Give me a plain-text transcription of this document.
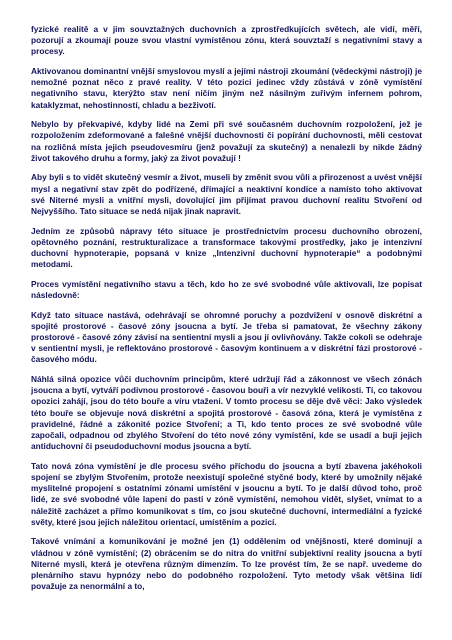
fyzické realitě a v jim souvztažných duchovních a zprostředkujících světech, ale vidí, měří, pozorují a zkoumají pouze svou vlastní vymístěnou zónu, která souvztaží s negativními stavy a procesy.

Aktivovanou dominantní vnější smyslovou myslí a jejími nástroji zkoumání (vědeckými nástroji) je nemožné poznat něco z pravé reality. V této pozici jedinec vždy zůstává v zóně vymístění negativního stavu, kterýžto stav není ničím jiným než násilným zuřivým infernem pohrom, kataklyzmat, nehostinností, chladu a bezživotí.

Nebylo by překvapivé, kdyby lidé na Zemi při své současném duchovním rozpoložení, jež je rozpoložením zdeformované a falešné vnější duchovnosti či popírání duchovnosti, měli cestovat na rozličná místa jejich pseudovesmíru (jenž považují za skutečný) a nenalezli by nikde žádný život takového druhu a formy, jaký za život považují !

Aby byli s to vidět skutečný vesmír a život, museli by změnit svou vůli a přirozenost a uvést vnější mysl a negativní stav zpět do podřízené, dřímající a neaktivní kondice a namísto toho aktivovat své Niterné mysli a vnitřní mysli, dovolující jim přijímat pravou duchovní realitu Stvoření od Nejvyššího. Tato situace se nedá nijak jinak napravit.

Jedním ze způsobů nápravy této situace je prostřednictvím procesu duchovního obrození, opětovného poznání, restrukturalizace a transformace takovými prostředky, jako je intenzivní duchovní hypnoterapie, popsaná v knize „Intenzivní duchovní hypnoterapie“ a podobnými metodami.

Proces vymístění negativního stavu a těch, kdo ho ze své svobodné vůle aktivovali, lze popisat následovně:

Když tato situace nastává, odehrávají se ohromné poruchy a pozdvižení v osnově diskrétní a spojité prostorové - časové zóny jsoucna a bytí. Je třeba si pamatovat, že všechny zákony prostorové - časové zóny závisí na sentientní mysli a jsou jí ovlivňovány. Takže cokoli se odehraje v sentientní mysli, je reflektováno prostorové - časovým kontinuem a v diskrétní fázi prostorové - časového módu.

Náhlá silná opozice vůči duchovním principům, které udržují řád a zákonnost ve všech zónách jsoucna a bytí, vytváří podivnou prostorové - časovou bouři a vír nezvyklé velikosti. Tí, co takovou opozici zahájí, jsou do této bouře a víru vtaženi. V tomto procesu se děje dvě věci: Jako výsledek této bouře se objevuje nová diskrétní a spojitá prostorové - časová zóna, která je vymístěna z pravidelné, řádné a zákonité pozice Stvoření; a Ti, kdo tento proces ze své svobodné vůle započali, odpadnou od zbylého Stvoření do této nové zóny vymístění, kde se usadí a buji jejich antiduchovní či pseudoduchovní modus jsoucna a bytí.

Tato nová zóna vymístění je dle procesu svého příchodu do jsoucna a bytí zbavena jakéhokoli spojení se zbylým Stvořením, protože neexistují společné styčné body, které by umožnily nějaké myslitelné propojení s ostatními zónami umístění v jsoucnu a bytí. To je další důvod toho, proč lidé, ze své svobodné vůle lapení do pasti v zóně vymístění, nemohou vidět, slyšet, vnímat to a náležitě zacházet a přímo komunikovat s tím, co jsou skutečné duchovní, intermediální a fyzické světy, které jsou jejich náležitou orientací, umístěním a pozicí.

Takové vnímání a komunikování je možné jen (1) oddělením od vnějšnosti, které dominují a vládnou v zóně vymístění; (2) obrácením se do nitra do vnitřní subjektivní reality jsoucna a bytí Niterné mysli, která je otevřena různým dimenzím. To lze provést tím, že se např. uvedeme do plenárního stavu hypnózy nebo do podobného rozpoložení. Tyto metody však většina lidí považuje za nenormální a to,
